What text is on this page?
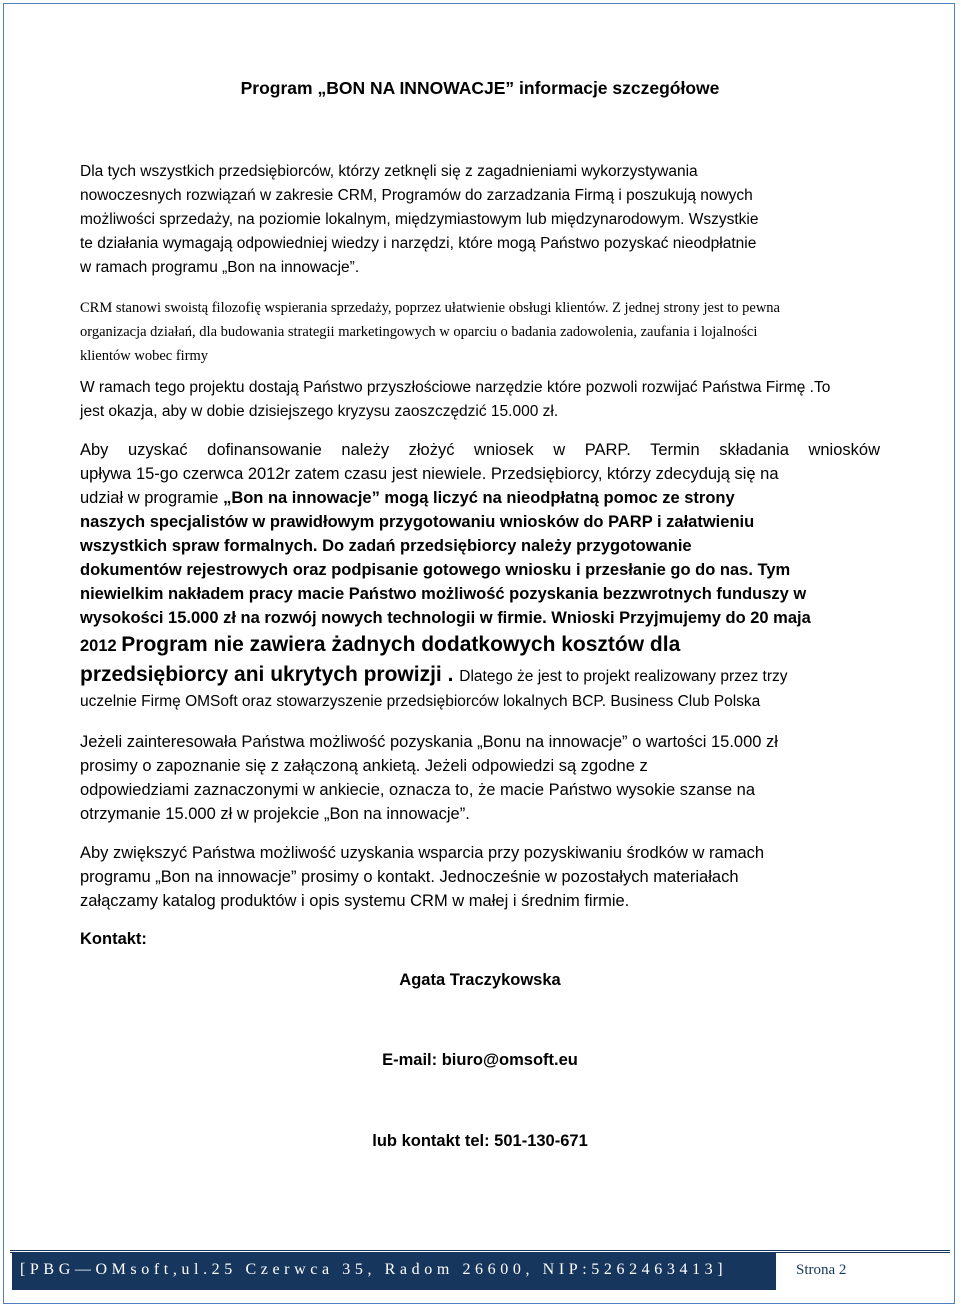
Program „BON NA INNOWACJE” informacje szczegółowe
Dla tych wszystkich przedsiębiorców, którzy zetknęli się z zagadnieniami wykorzystywania
nowoczesnych rozwiązań w zakresie CRM, Programów do zarzadzania Firmą i poszukują nowych
możliwości sprzedaży, na poziomie lokalnym, międzymiastowym lub międzynarodowym. Wszystkie
te działania wymagają odpowiedniej wiedzy i narzędzi, które mogą Państwo pozyskać nieodpłatnie
w ramach programu „Bon na innowacje”.
CRM stanowi swoistą filozofię wspierania sprzedaży, poprzez ułatwienie obsługi klientów. Z jednej strony jest to pewna
organizacja działań, dla budowania strategii marketingowych w oparciu o badania zadowolenia, zaufania i lojalności
klientów wobec firmy
W ramach tego projektu dostają Państwo przyszłościowe narzędzie które pozwoli rozwijać Państwa Firmę .To
jest okazja, aby w dobie dzisiejszego kryzysu zaoszczędzić 15.000 zł.
Aby uzyskać dofinansowanie należy złożyć wniosek w PARP. Termin składania wniosków
upływa 15-go czerwca 2012r zatem czasu jest niewiele. Przedsiębiorcy, którzy zdecydują się na
udział w programie „Bon na innowacje” mogą liczyć na nieodpłatną pomoc ze strony
naszych specjalistów w prawidłowym przygotowaniu wniosków do PARP i załatwieniu
wszystkich spraw formalnych. Do zadań przedsiębiorcy należy przygotowanie
dokumentów rejestrowych oraz podpisanie gotowego wniosku i przesłanie go do nas. Tym
niewielkim nakładem pracy macie Państwo możliwość pozyskania bezzwrotnych funduszy w
wysokości 15.000 zł na rozwój nowych technologii w firmie. Wnioski Przyjmujemy do 20 maja
2012 Program nie zawiera żadnych dodatkowych kosztów dla
przedsiębiorcy ani ukrytych prowizji . Dlatego że jest to projekt realizowany przez trzy
uczelnie Firmę OMSoft oraz stowarzyszenie przedsiębiorców lokalnych BCP. Business Club Polska
Jeżeli zainteresowała Państwa możliwość pozyskania „Bonu na innowacje” o wartości 15.000 zł
prosimy o zapoznanie się z załączoną ankietą. Jeżeli odpowiedzi są zgodne z
odpowiedziami zaznaczonymi w ankiecie, oznacza to, że macie Państwo wysokie szanse na
otrzymanie 15.000 zł w projekcie „Bon na innowacje”.
Aby zwiększyć Państwa możliwość uzyskania wsparcia przy pozyskiwaniu środków w ramach
programu „Bon na innowacje” prosimy o kontakt. Jednocześnie w pozostałych materiałach
załączamy katalog produktów i opis systemu CRM w małej i średnim firmie.
Kontakt:
Agata Traczykowska
E-mail: biuro@omsoft.eu
lub kontakt tel: 501-130-671
[PBG—OMsoft,ul.25 Czerwca 35, Radom 26600, NIP:5262463413]	Strona 2
